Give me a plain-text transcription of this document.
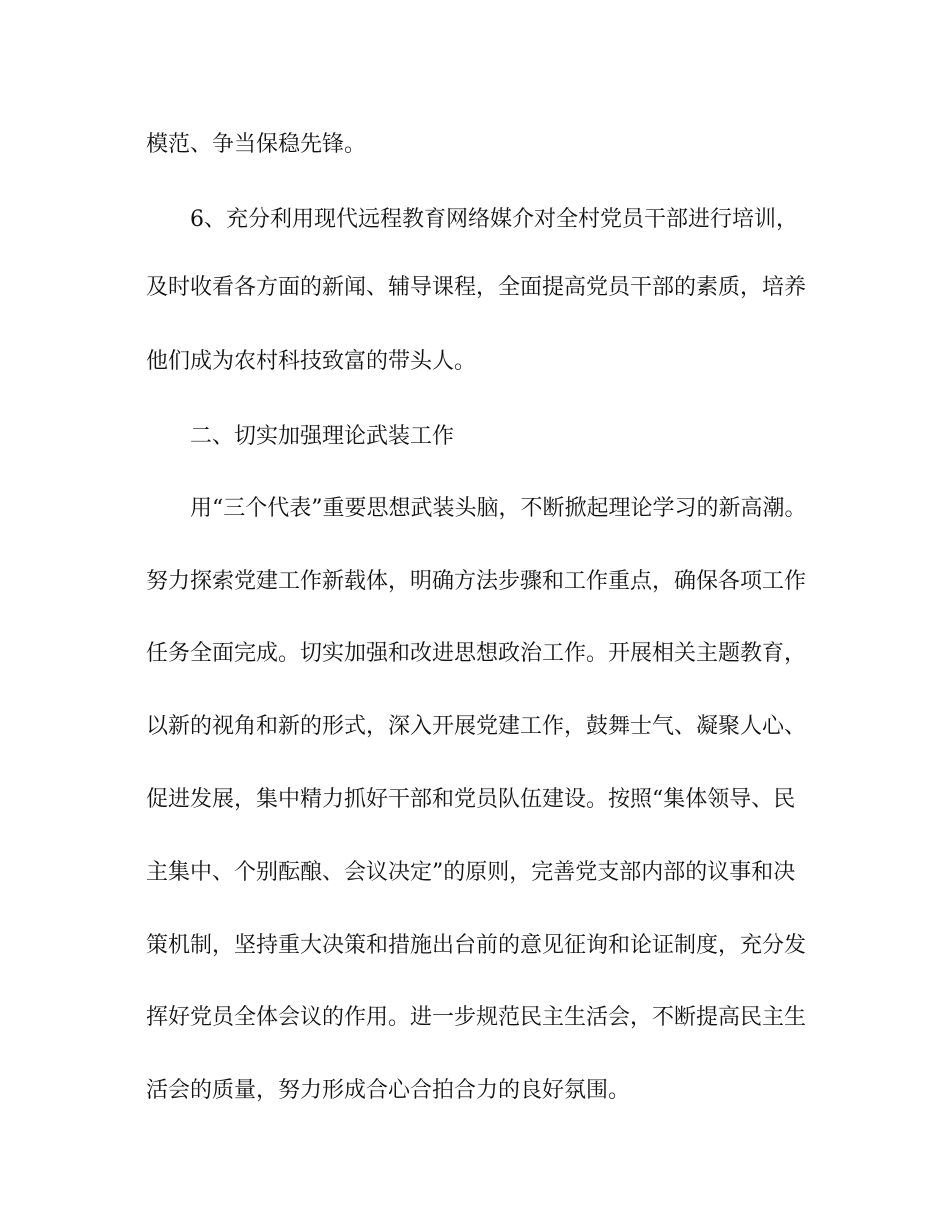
模范、争当保稳先锋。
6、充分利用现代远程教育网络媒介对全村党员干部进行培训，
及时收看各方面的新闻、辅导课程，全面提高党员干部的素质，培养
他们成为农村科技致富的带头人。
二、切实加强理论武装工作
用“三个代表”重要思想武装头脑，不断掀起理论学习的新高潮。
努力探索党建工作新载体，明确方法步骤和工作重点，确保各项工作
任务全面完成。切实加强和改进思想政治工作。开展相关主题教育，
以新的视角和新的形式，深入开展党建工作，鼓舞士气、凝聚人心、
促进发展，集中精力抓好干部和党员队伍建设。按照“集体领导、民
主集中、个别酝酿、会议决定”的原则，完善党支部内部的议事和决
策机制，坚持重大决策和措施出台前的意见征询和论证制度，充分发
挥好党员全体会议的作用。进一步规范民主生活会，不断提高民主生
活会的质量，努力形成合心合拍合力的良好氛围。
